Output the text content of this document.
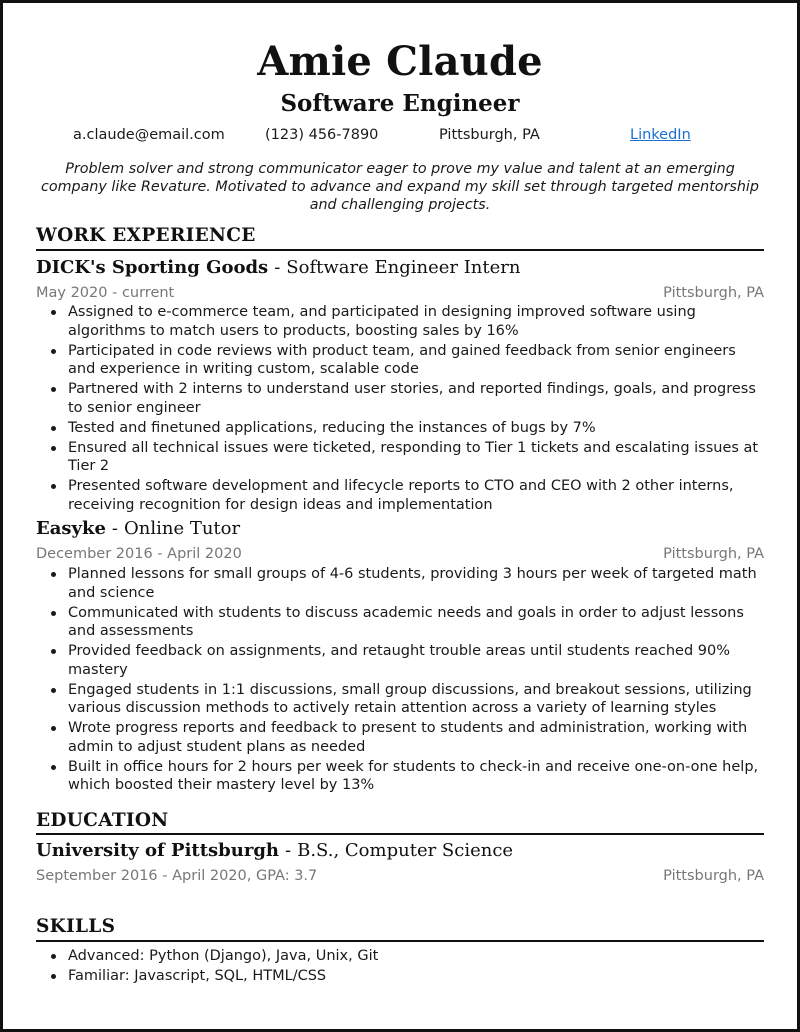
Amie Claude
Software Engineer
a.claude@email.com	(123) 456-7890	Pittsburgh, PA	LinkedIn
Problem solver and strong communicator eager to prove my value and talent at an emerging company like Revature. Motivated to advance and expand my skill set through targeted mentorship and challenging projects.
WORK EXPERIENCE
DICK's Sporting Goods - Software Engineer Intern
May 2020 - current	Pittsburgh, PA
Assigned to e-commerce team, and participated in designing improved software using algorithms to match users to products, boosting sales by 16%
Participated in code reviews with product team, and gained feedback from senior engineers and experience in writing custom, scalable code
Partnered with 2 interns to understand user stories, and reported findings, goals, and progress to senior engineer
Tested and finetuned applications, reducing the instances of bugs by 7%
Ensured all technical issues were ticketed, responding to Tier 1 tickets and escalating issues at Tier 2
Presented software development and lifecycle reports to CTO and CEO with 2 other interns, receiving recognition for design ideas and implementation
Easyke - Online Tutor
December 2016 - April 2020	Pittsburgh, PA
Planned lessons for small groups of 4-6 students, providing 3 hours per week of targeted math and science
Communicated with students to discuss academic needs and goals in order to adjust lessons and assessments
Provided feedback on assignments, and retaught trouble areas until students reached 90% mastery
Engaged students in 1:1 discussions, small group discussions, and breakout sessions, utilizing various discussion methods to actively retain attention across a variety of learning styles
Wrote progress reports and feedback to present to students and administration, working with admin to adjust student plans as needed
Built in office hours for 2 hours per week for students to check-in and receive one-on-one help, which boosted their mastery level by 13%
EDUCATION
University of Pittsburgh - B.S., Computer Science
September 2016 - April 2020, GPA: 3.7	Pittsburgh, PA
SKILLS
Advanced: Python (Django), Java, Unix, Git
Familiar: Javascript, SQL, HTML/CSS
